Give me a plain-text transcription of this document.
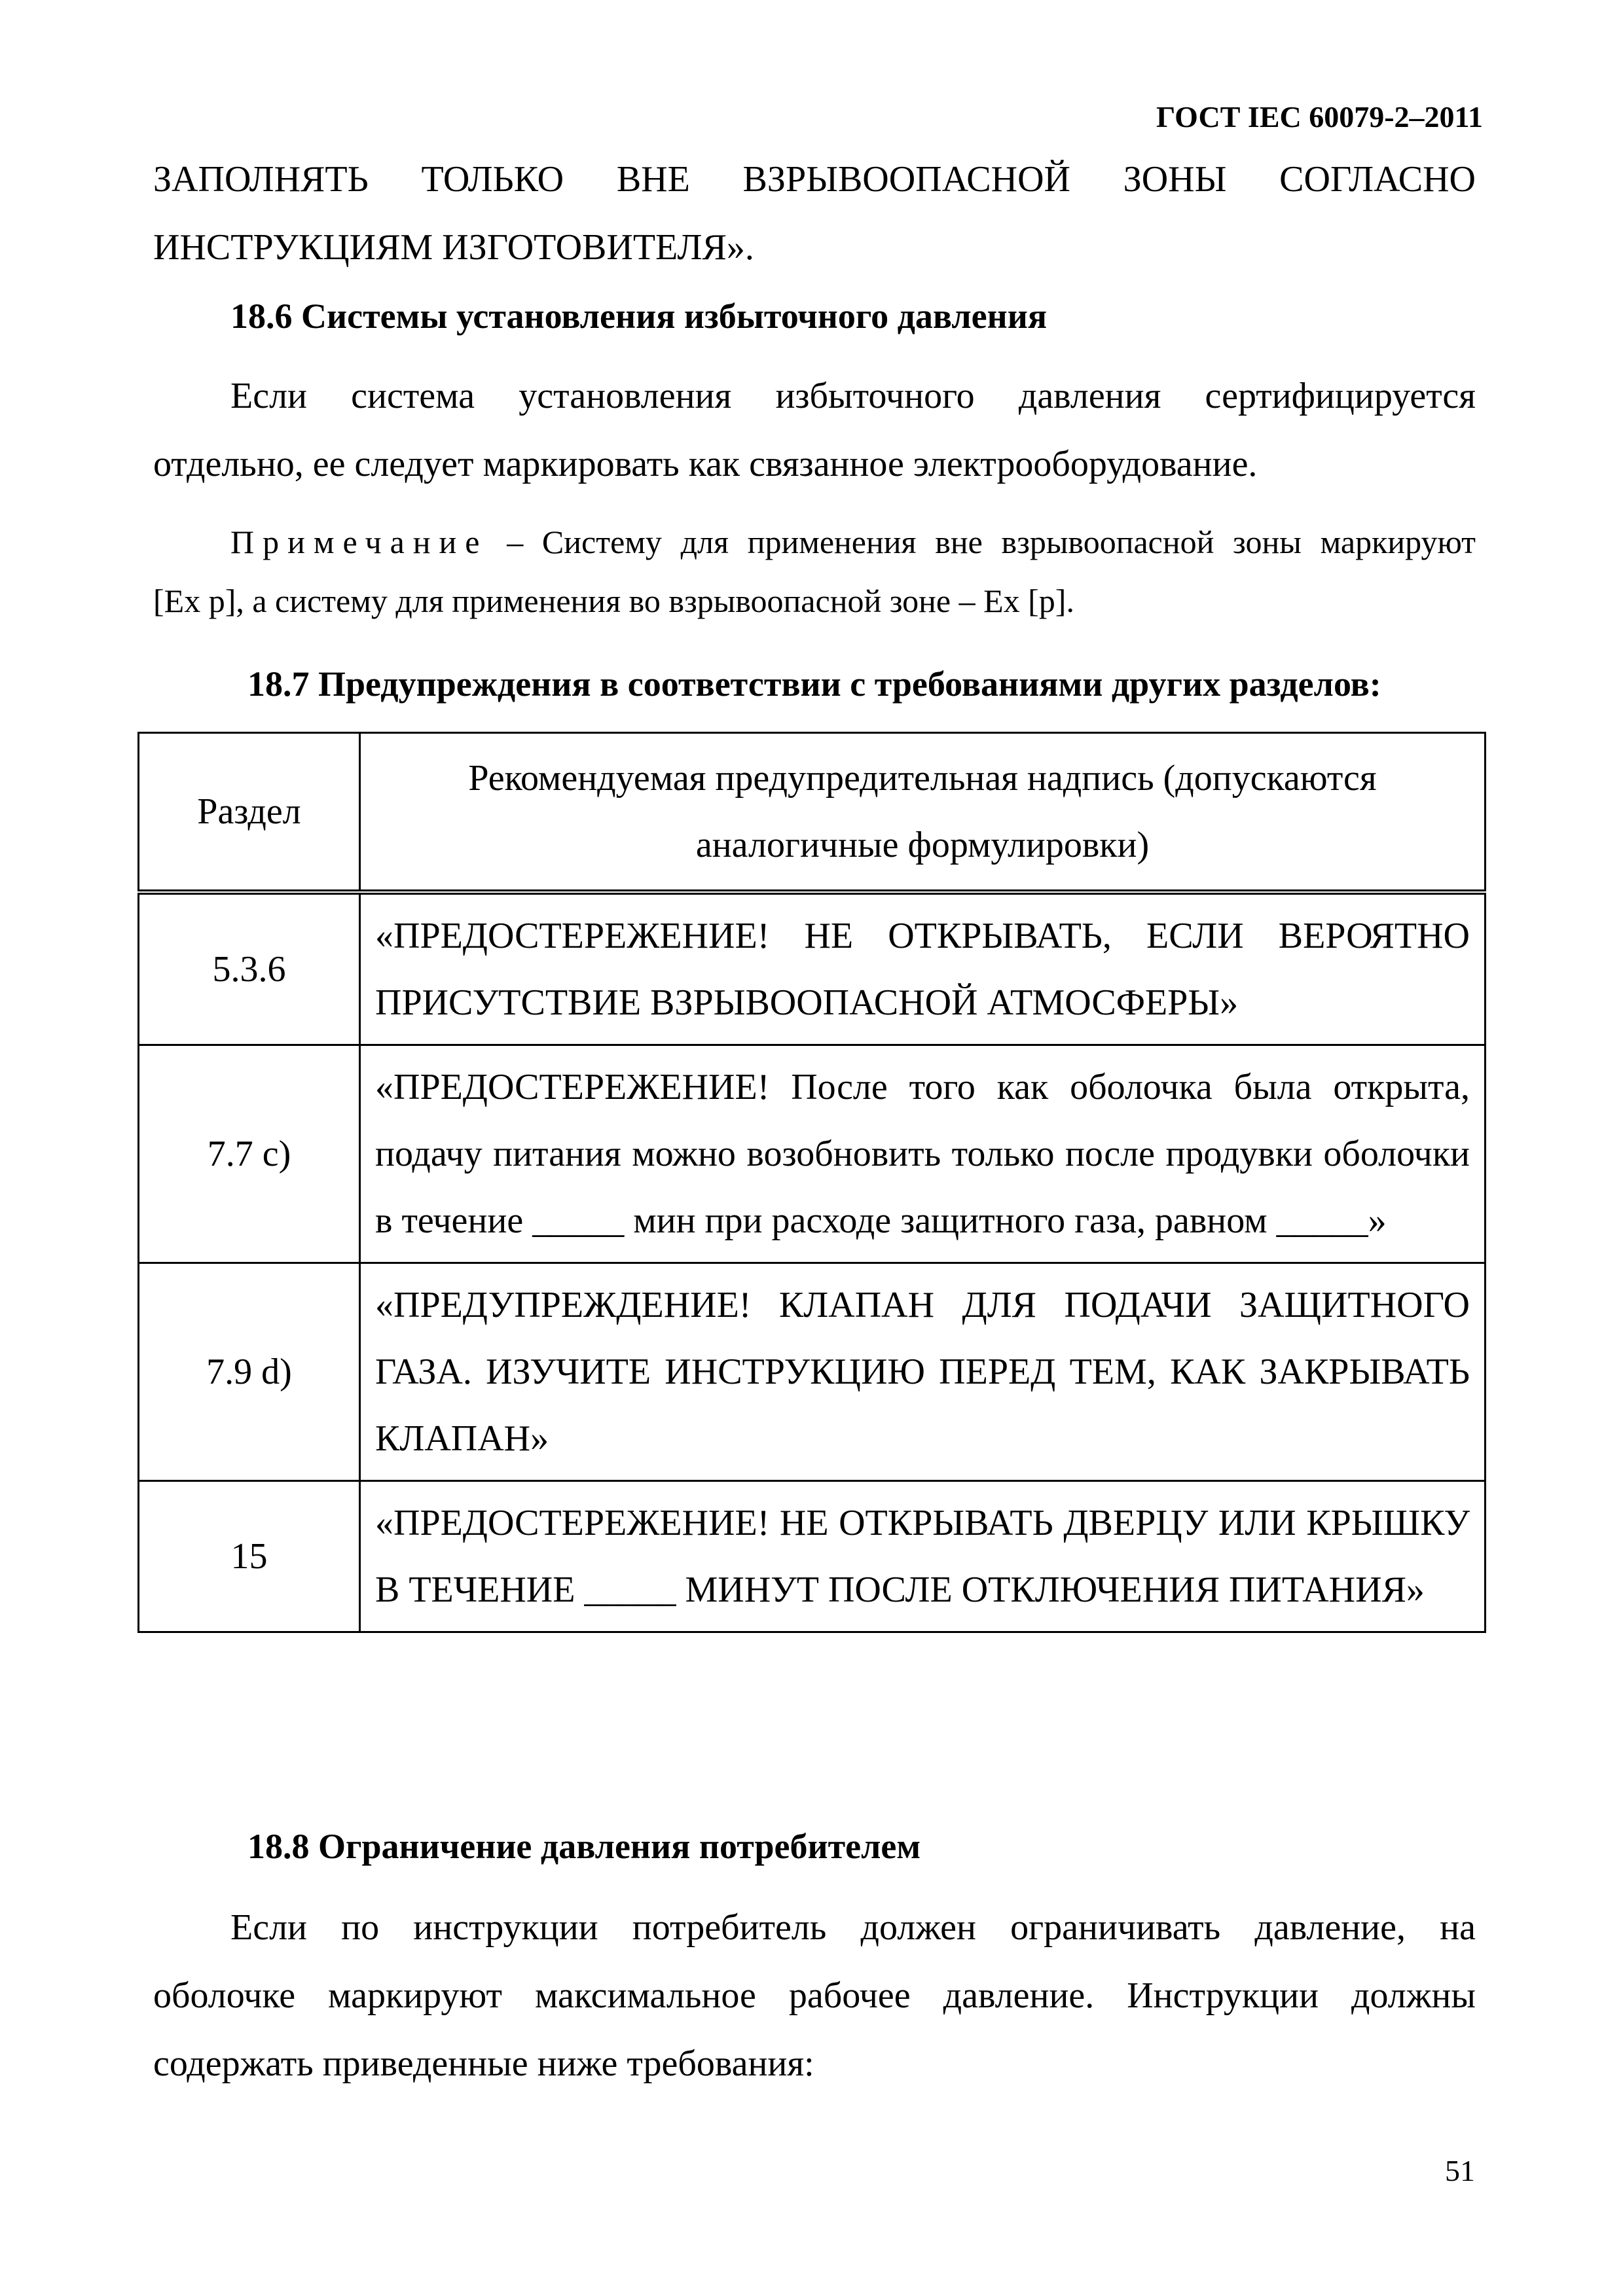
ГОСТ IEC 60079-2–2011
ЗАПОЛНЯТЬ ТОЛЬКО ВНЕ ВЗРЫВООПАСНОЙ ЗОНЫ СОГЛАСНО
ИНСТРУКЦИЯМ ИЗГОТОВИТЕЛЯ».
18.6 Системы установления избыточного давления
Если система установления избыточного давления сертифицируется
отдельно, ее следует маркировать как связанное электрооборудование.
Примечание – Систему для применения вне взрывоопасной зоны маркируют
[Ex p], а систему для применения во взрывоопасной зоне – Ex [p].
18.7 Предупреждения в соответствии с требованиями других разделов:
Раздел	Рекомендуемая предупредительная надпись (допускаются аналогичные формулировки)
5.3.6	«ПРЕДОСТЕРЕЖЕНИЕ! НЕ ОТКРЫВАТЬ, ЕСЛИ ВЕРОЯТНО ПРИСУТСТВИЕ ВЗРЫВООПАСНОЙ АТМОСФЕРЫ»
7.7 c)	«ПРЕДОСТЕРЕЖЕНИЕ! После того как оболочка была открыта, подачу питания можно возобновить только после продувки оболочки в течение _____ мин при расходе защитного газа, равном _____»
7.9 d)	«ПРЕДУПРЕЖДЕНИЕ! КЛАПАН ДЛЯ ПОДАЧИ ЗАЩИТНОГО ГАЗА. ИЗУЧИТЕ ИНСТРУКЦИЮ ПЕРЕД ТЕМ, КАК ЗАКРЫВАТЬ КЛАПАН»
15	«ПРЕДОСТЕРЕЖЕНИЕ! НЕ ОТКРЫВАТЬ ДВЕРЦУ ИЛИ КРЫШКУ В ТЕЧЕНИЕ _____ МИНУТ ПОСЛЕ ОТКЛЮЧЕНИЯ ПИТАНИЯ»
18.8 Ограничение давления потребителем
Если по инструкции потребитель должен ограничивать давление, на
оболочке маркируют максимальное рабочее давление. Инструкции должны
содержать приведенные ниже требования:
51
